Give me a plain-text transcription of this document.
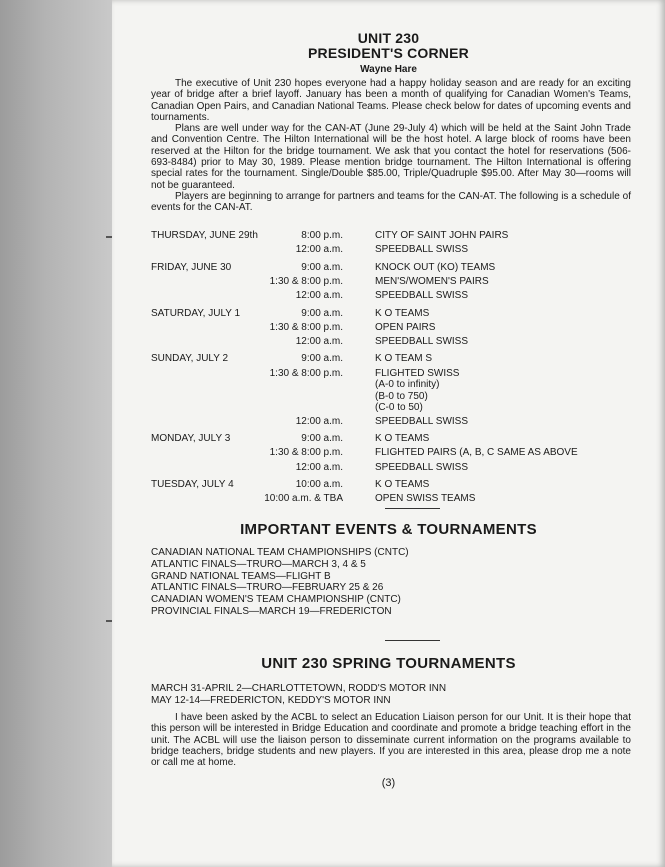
UNIT 230
PRESIDENT'S CORNER
Wayne Hare

The executive of Unit 230 hopes everyone had a happy holiday season and are ready for an exciting year of bridge after a brief layoff. January has been a month of qualifying for Canadian Women's Teams, Canadian Open Pairs, and Canadian National Teams. Please check below for dates of upcoming events and tournaments.

Plans are well under way for the CAN-AT (June 29-July 4) which will be held at the Saint John Trade and Convention Centre. The Hilton International will be the host hotel. A large block of rooms have been reserved at the Hilton for the bridge tournament. We ask that you contact the hotel for reservations (506-693-8484) prior to May 30, 1989. Please mention bridge tournament. The Hilton International is offering special rates for the tournament. Single/Double $85.00, Triple/Quadruple $95.00. After May 30—rooms will not be guaranteed.

Players are beginning to arrange for partners and teams for the CAN-AT. The following is a schedule of events for the CAN-AT.

THURSDAY, JUNE 29th	8:00 p.m.	CITY OF SAINT JOHN PAIRS
12:00 a.m.	SPEEDBALL SWISS
FRIDAY, JUNE 30	9:00 a.m.	KNOCK OUT (KO) TEAMS
1:30 & 8:00 p.m.	MEN'S/WOMEN'S PAIRS
12:00 a.m.	SPEEDBALL SWISS
SATURDAY, JULY 1	9:00 a.m.	K O TEAMS
1:30 & 8:00 p.m.	OPEN PAIRS
12:00 a.m.	SPEEDBALL SWISS
SUNDAY, JULY 2	9:00 a.m.	K O TEAM S
1:30 & 8:00 p.m.	FLIGHTED SWISS
(A-0 to infinity)
(B-0 to 750)
(C-0 to 50)
12:00 a.m.	SPEEDBALL SWISS
MONDAY, JULY 3	9:00 a.m.	K O TEAMS
1:30 & 8:00 p.m.	FLIGHTED PAIRS (A, B, C SAME AS ABOVE
12:00 a.m.	SPEEDBALL SWISS
TUESDAY, JULY 4	10:00 a.m.	K O TEAMS
10:00 a.m. & TBA	OPEN SWISS TEAMS
IMPORTANT EVENTS & TOURNAMENTS
CANADIAN NATIONAL TEAM CHAMPIONSHIPS (CNTC)
ATLANTIC FINALS—TRURO—MARCH 3, 4 & 5
GRAND NATIONAL TEAMS—FLIGHT B
ATLANTIC FINALS—TRURO—FEBRUARY 25 & 26
CANADIAN WOMEN'S TEAM CHAMPIONSHIP (CNTC)
PROVINCIAL FINALS—MARCH 19—FREDERICTON
UNIT 230 SPRING TOURNAMENTS
MARCH 31-APRIL 2—CHARLOTTETOWN, RODD'S MOTOR INN
MAY 12-14—FREDERICTON, KEDDY'S MOTOR INN

I have been asked by the ACBL to select an Education Liaison person for our Unit. It is their hope that this person will be interested in Bridge Education and coordinate and promote a bridge teaching effort in the unit. The ACBL will use the liaison person to disseminate current information on the programs available to bridge teachers, bridge students and new players. If you are interested in this area, please drop me a note or call me at home.

(3)
